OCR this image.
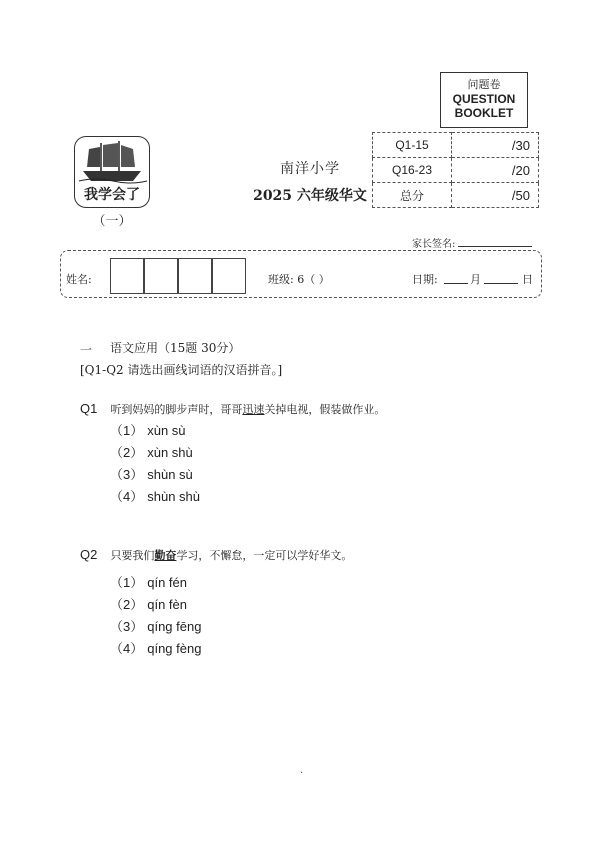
问题卷
QUESTION
BOOKLET
Q1-15	/30
Q16-23	/20
总分	/50
我学会了
（一）
南洋小学
2025 六年级华文
家长签名:
姓名:	班级: 6（ ）	日期:	月	日
一 语文应用（15题 30分）
[Q1-Q2 请选出画线词语的汉语拼音。]
Q1 听到妈妈的脚步声时，哥哥迅速关掉电视，假装做作业。
（1） xùn sù
（2） xùn shù
（3） shùn sù
（4） shùn shù
Q2 只要我们勤奋学习，不懈怠，一定可以学好华文。
（1） qín fén
（2） qín fèn
（3） qíng fēng
（4） qíng fèng
·
